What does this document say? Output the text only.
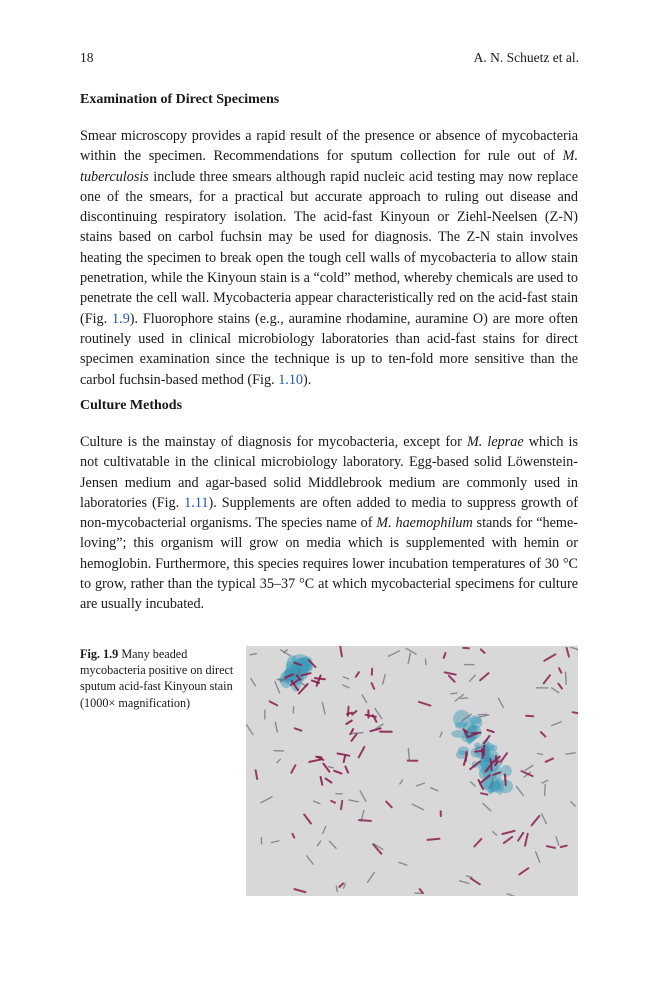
18	A. N. Schuetz et al.
Examination of Direct Specimens

Smear microscopy provides a rapid result of the presence or absence of mycobacteria within the specimen. Recommendations for sputum collection for rule out of M. tuberculosis include three smears although rapid nucleic acid testing may now replace one of the smears, for a practical but accurate approach to ruling out disease and discontinuing respiratory isolation. The acid-fast Kinyoun or Ziehl-Neelsen (Z-N) stains based on carbol fuchsin may be used for diagnosis. The Z-N stain involves heating the specimen to break open the tough cell walls of mycobacteria to allow stain penetration, while the Kinyoun stain is a “cold” method, whereby chemicals are used to penetrate the cell wall. Mycobacteria appear characteristically red on the acid-fast stain (Fig. 1.9). Fluorophore stains (e.g., auramine rhodamine, auramine O) are more often routinely used in clinical microbiology laboratories than acid-fast stains for direct specimen examination since the technique is up to ten-fold more sensitive than the carbol fuchsin-based method (Fig. 1.10).

Culture Methods

Culture is the mainstay of diagnosis for mycobacteria, except for M. leprae which is not cultivatable in the clinical microbiology laboratory. Egg-based solid Löwenstein-Jensen medium and agar-based solid Middlebrook medium are commonly used in laboratories (Fig. 1.11). Supplements are often added to media to suppress growth of non-mycobacterial organisms. The species name of M. haemophilum stands for “heme-loving”; this organism will grow on media which is supplemented with hemin or hemoglobin. Furthermore, this species requires lower incubation temperatures of 30 °C to grow, rather than the typical 35–37 °C at which mycobacterial specimens for culture are usually incubated.

Fig. 1.9 Many beaded mycobacteria positive on direct sputum acid-fast Kinyoun stain (1000× magnification)
